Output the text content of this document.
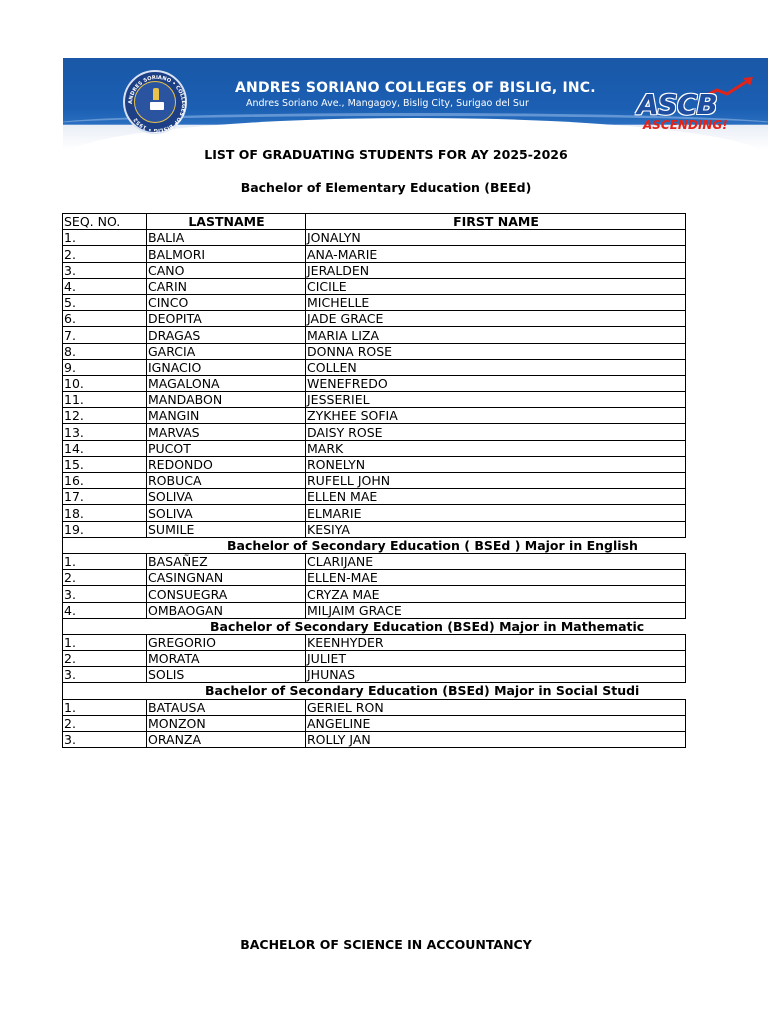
ANDRES SORIANO • COLLEGES OF BISLIG • 1952
ANDRES SORIANO COLLEGES OF BISLIG, INC.
Andres Soriano Ave., Mangagoy, Bislig City, Surigao del Sur	ASCB
ASCENDING!
LIST OF GRADUATING STUDENTS FOR AY 2025-2026
Bachelor of Elementary Education (BEEd)
SEQ. NO.	LASTNAME	FIRST NAME
1.	BALIA	JONALYN
2.	BALMORI	ANA-MARIE
3.	CANO	JERALDEN
4.	CARIN	CICILE
5.	CINCO	MICHELLE
6.	DEOPITA	JADE GRACE
7.	DRAGAS	MARIA LIZA
8.	GARCIA	DONNA ROSE
9.	IGNACIO	COLLEN
10.	MAGALONA	WENEFREDO
11.	MANDABON	JESSERIEL
12.	MANGIN	ZYKHEE SOFIA
13.	MARVAS	DAISY ROSE
14.	PUCOT	MARK
15.	REDONDO	RONELYN
16.	ROBUCA	RUFELL JOHN
17.	SOLIVA	ELLEN MAE
18.	SOLIVA	ELMARIE
19.	SUMILE	KESIYA

Bachelor of Secondary Education ( BSEd ) Major in English		

1.	BASAÑEZ	CLARIJANE
2.	CASINGNAN	ELLEN-MAE
3.	CONSUEGRA	CRYZA MAE
4.	OMBAOGAN	MILJAIM GRACE

Bachelor of Secondary Education (BSEd) Major in Mathematic		

1.	GREGORIO	KEENHYDER
2.	MORATA	JULIET
3.	SOLIS	JHUNAS

Bachelor of Secondary Education (BSEd) Major in Social Studi		

1.	BATAUSA	GERIEL RON
2.	MONZON	ANGELINE
3.	ORANZA	ROLLY JAN
BACHELOR OF SCIENCE IN ACCOUNTANCY
